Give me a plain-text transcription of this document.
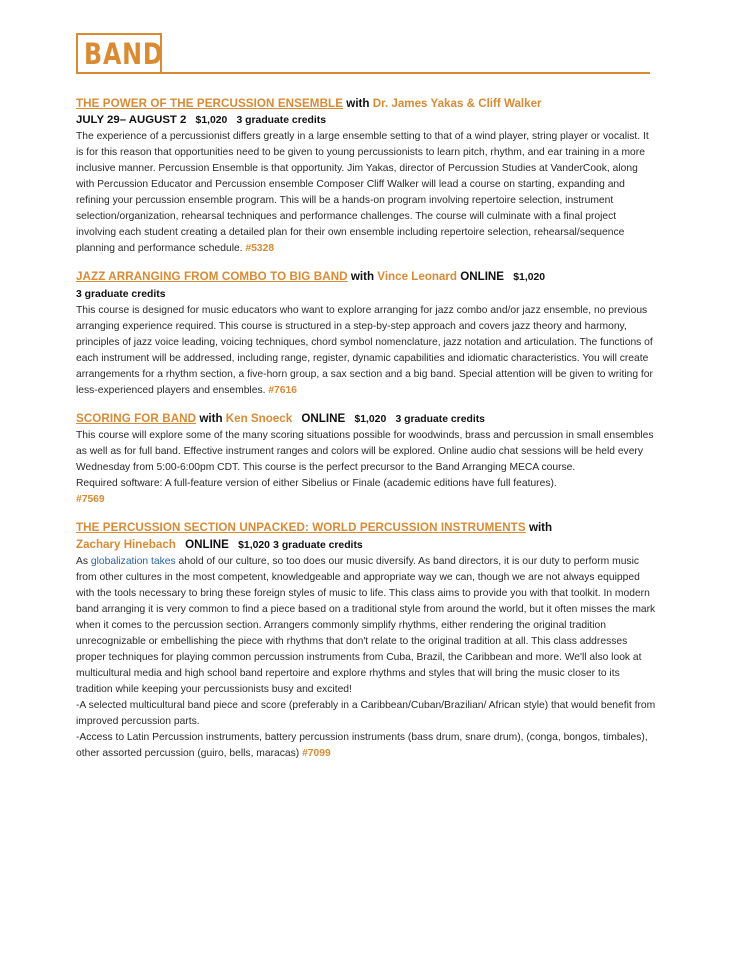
BAND
THE POWER OF THE PERCUSSION ENSEMBLE with Dr. James Yakas & Cliff Walker
JULY 29– AUGUST 2 $1,020 3 graduate credits

The experience of a percussionist differs greatly in a large ensemble setting to that of a wind player, string player or vocalist. It is for this reason that opportunities need to be given to young percussionists to learn pitch, rhythm, and ear training in a more inclusive manner. Percussion Ensemble is that opportunity. Jim Yakas, director of Percussion Studies at VanderCook, along with Percussion Educator and Percussion ensemble Composer Cliff Walker will lead a course on starting, expanding and refining your percussion ensemble program. This will be a hands-on program involving repertoire selection, instrument selection/organization, rehearsal techniques and performance challenges. The course will culminate with a final project involving each student creating a detailed plan for their own ensemble including repertoire selection, rehearsal/sequence planning and performance schedule. #5328

JAZZ ARRANGING FROM COMBO TO BIG BAND with Vince Leonard ONLINE $1,020
3 graduate credits

This course is designed for music educators who want to explore arranging for jazz combo and/or jazz ensemble, no previous arranging experience required. This course is structured in a step-by-step approach and covers jazz theory and harmony, principles of jazz voice leading, voicing techniques, chord symbol nomenclature, jazz notation and articulation. The functions of each instrument will be addressed, including range, register, dynamic capabilities and idiomatic characteristics. You will create arrangements for a rhythm section, a five-horn group, a sax section and a big band. Special attention will be given to writing for less-experienced players and ensembles. #7616

SCORING FOR BAND with Ken Snoeck ONLINE $1,020 3 graduate credits

This course will explore some of the many scoring situations possible for woodwinds, brass and percussion in small ensembles as well as for full band. Effective instrument ranges and colors will be explored. Online audio chat sessions will be held every Wednesday from 5:00-6:00pm CDT. This course is the perfect precursor to the Band Arranging MECA course.

Required software: A full-feature version of either Sibelius or Finale (academic editions have full features).

#7569

THE PERCUSSION SECTION UNPACKED: WORLD PERCUSSION INSTRUMENTS with
Zachary Hinebach ONLINE $1,020 3 graduate credits

As globalization takes ahold of our culture, so too does our music diversify. As band directors, it is our duty to perform music from other cultures in the most competent, knowledgeable and appropriate way we can, though we are not always equipped with the tools necessary to bring these foreign styles of music to life. This class aims to provide you with that toolkit. In modern band arranging it is very common to find a piece based on a traditional style from around the world, but it often misses the mark when it comes to the percussion section. Arrangers commonly simplify rhythms, either rendering the original tradition unrecognizable or embellishing the piece with rhythms that don't relate to the original tradition at all. This class addresses proper techniques for playing common percussion instruments from Cuba, Brazil, the Caribbean and more. We'll also look at multicultural media and high school band repertoire and explore rhythms and styles that will bring the music closer to its tradition while keeping your percussionists busy and excited!

-A selected multicultural band piece and score (preferably in a Caribbean/Cuban/Brazilian/ African style) that would benefit from improved percussion parts.

-Access to Latin Percussion instruments, battery percussion instruments (bass drum, snare drum), (conga, bongos, timbales), other assorted percussion (guiro, bells, maracas) #7099
